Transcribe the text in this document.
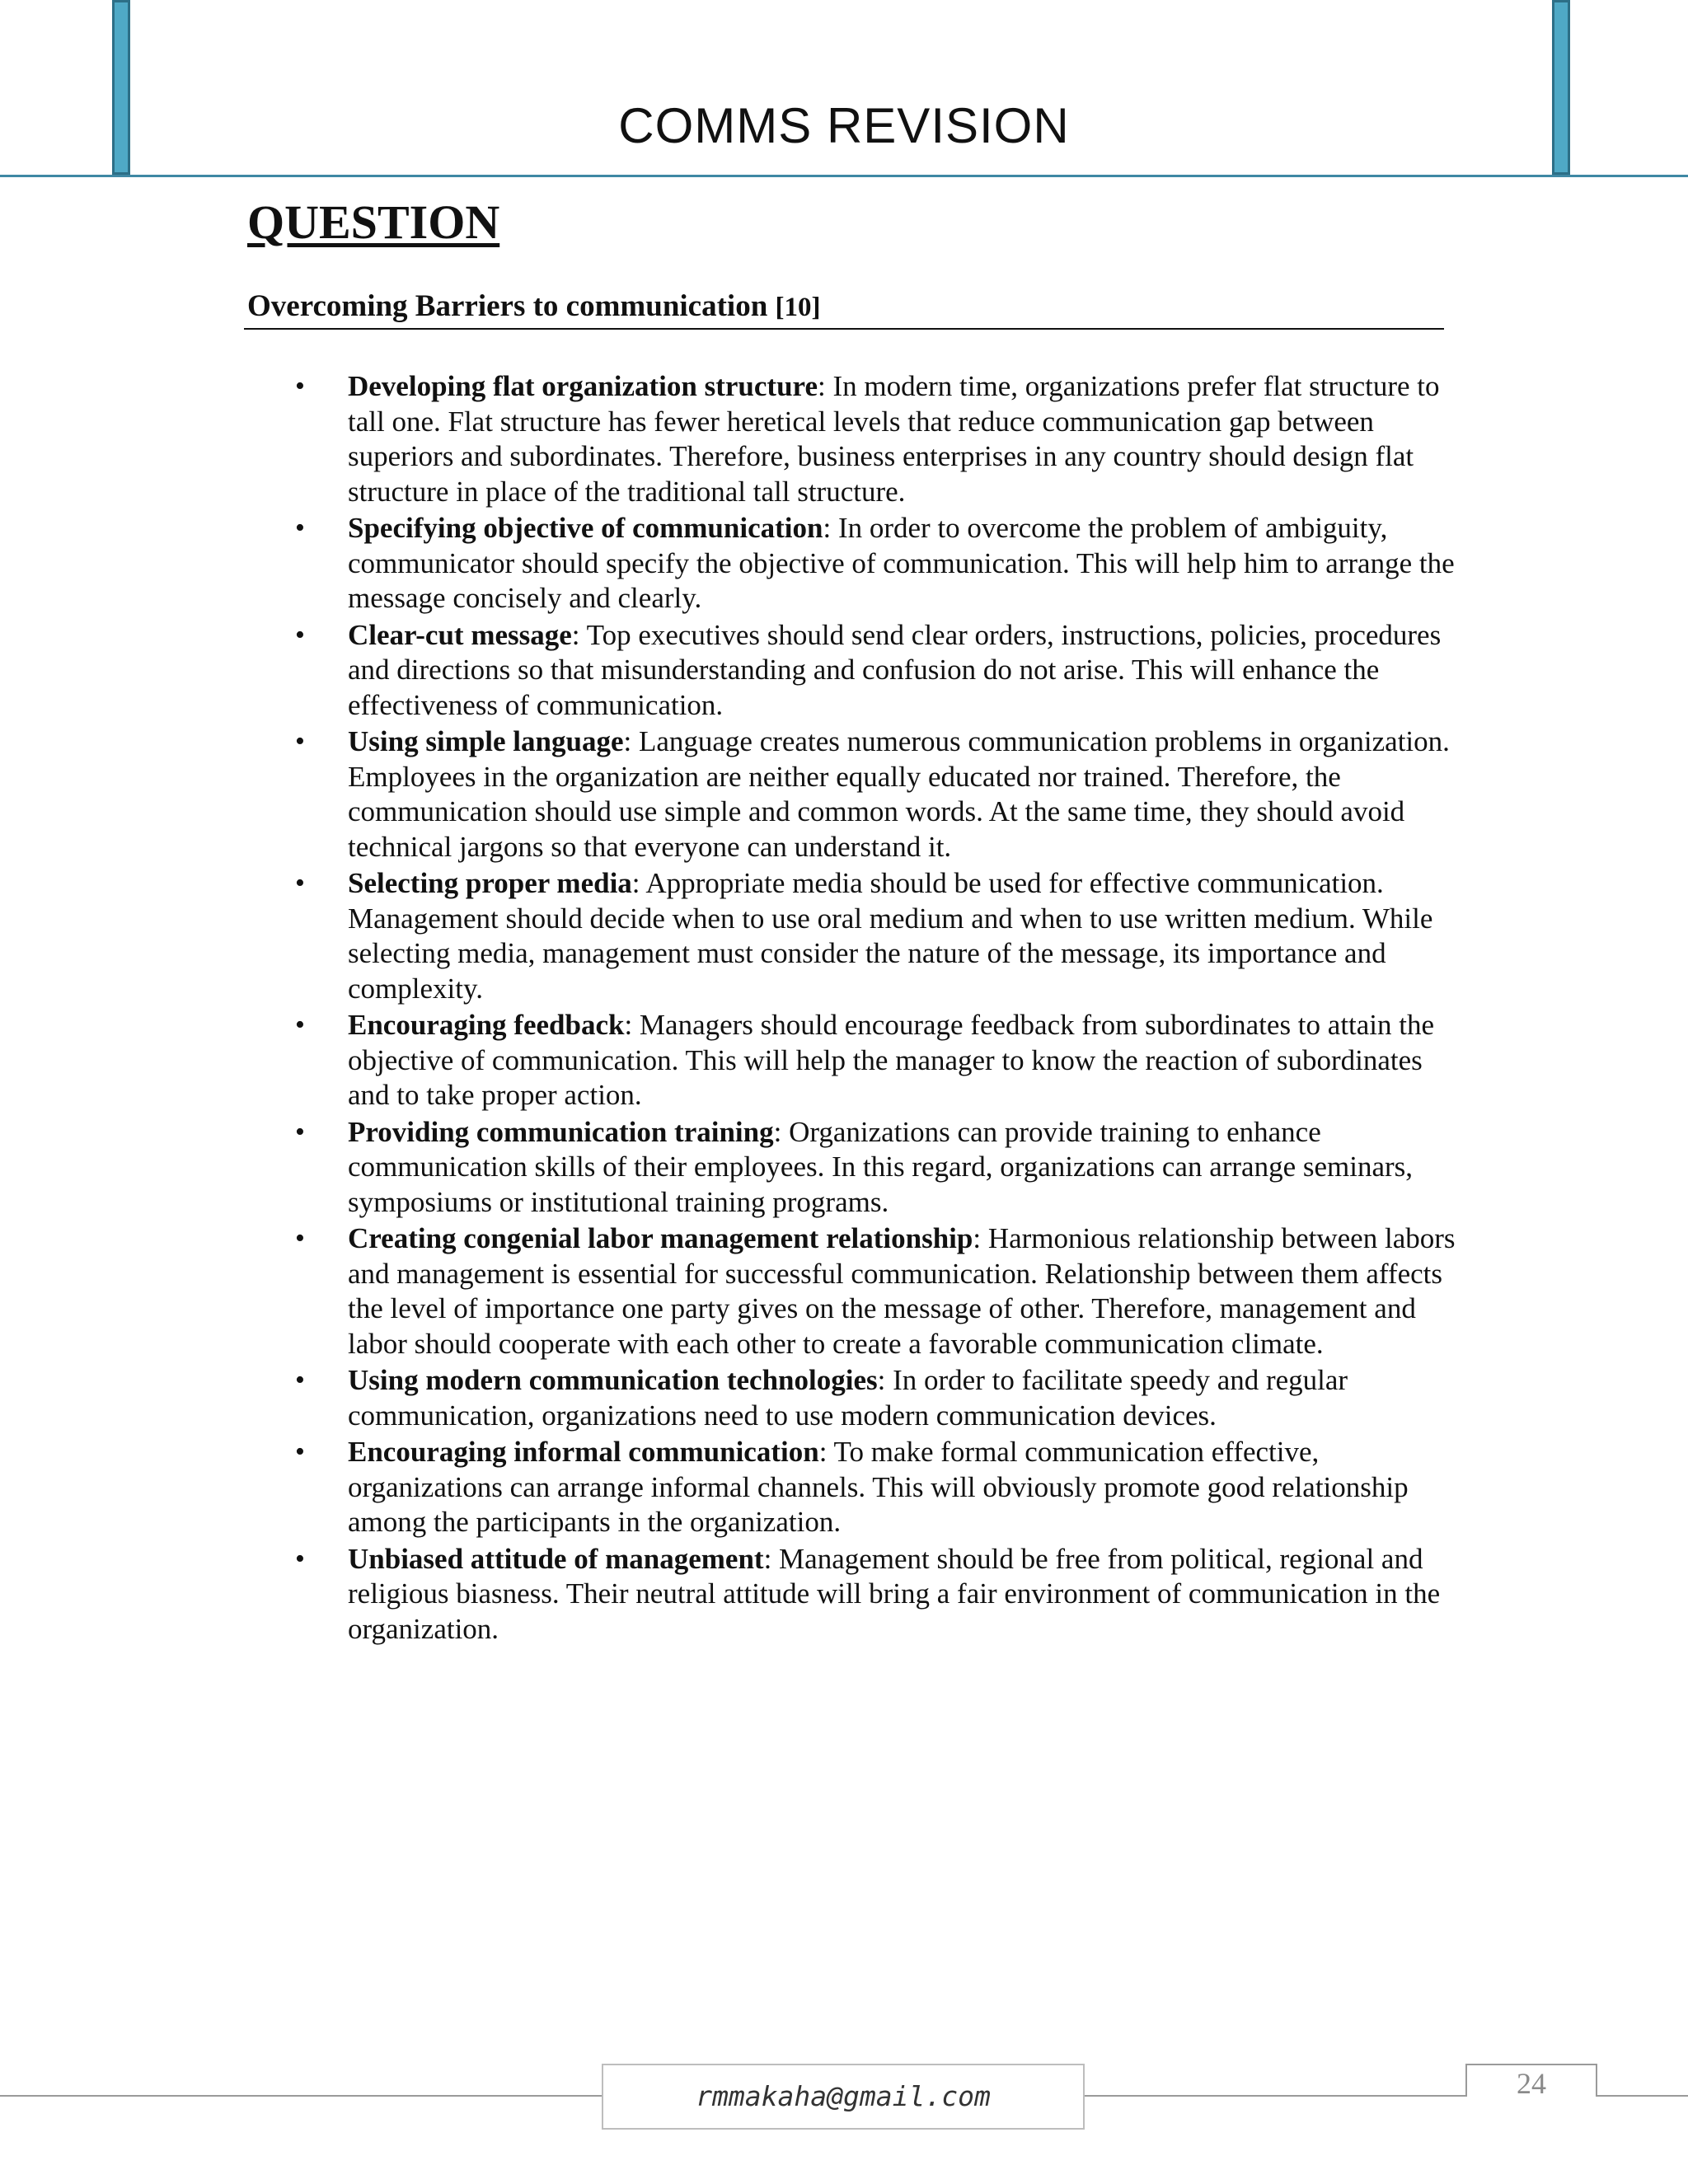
COMMS REVISION
QUESTION
Overcoming Barriers to communication [10]
• Developing flat organization structure: In modern time, organizations prefer flat structure to tall one. Flat structure has fewer heretical levels that reduce communication gap between superiors and subordinates. Therefore, business enterprises in any country should design flat structure in place of the traditional tall structure.
• Specifying objective of communication: In order to overcome the problem of ambiguity, communicator should specify the objective of communication. This will help him to arrange the message concisely and clearly.
• Clear-cut message: Top executives should send clear orders, instructions, policies, procedures and directions so that misunderstanding and confusion do not arise. This will enhance the effectiveness of communication.
• Using simple language: Language creates numerous communication problems in organization. Employees in the organization are neither equally educated nor trained. Therefore, the communication should use simple and common words. At the same time, they should avoid technical jargons so that everyone can understand it.
• Selecting proper media: Appropriate media should be used for effective communication. Management should decide when to use oral medium and when to use written medium. While selecting media, management must consider the nature of the message, its importance and complexity.
• Encouraging feedback: Managers should encourage feedback from subordinates to attain the objective of communication. This will help the manager to know the reaction of subordinates and to take proper action.
• Providing communication training: Organizations can provide training to enhance communication skills of their employees. In this regard, organizations can arrange seminars, symposiums or institutional training programs.
• Creating congenial labor management relationship: Harmonious relationship between labors and management is essential for successful communication. Relationship between them affects the level of importance one party gives on the message of other. Therefore, management and labor should cooperate with each other to create a favorable communication climate.
• Using modern communication technologies: In order to facilitate speedy and regular communication, organizations need to use modern communication devices.
• Encouraging informal communication: To make formal communication effective, organizations can arrange informal channels. This will obviously promote good relationship among the participants in the organization.
• Unbiased attitude of management: Management should be free from political, regional and religious biasness. Their neutral attitude will bring a fair environment of communication in the organization.
rmmakaha@gmail.com	24
